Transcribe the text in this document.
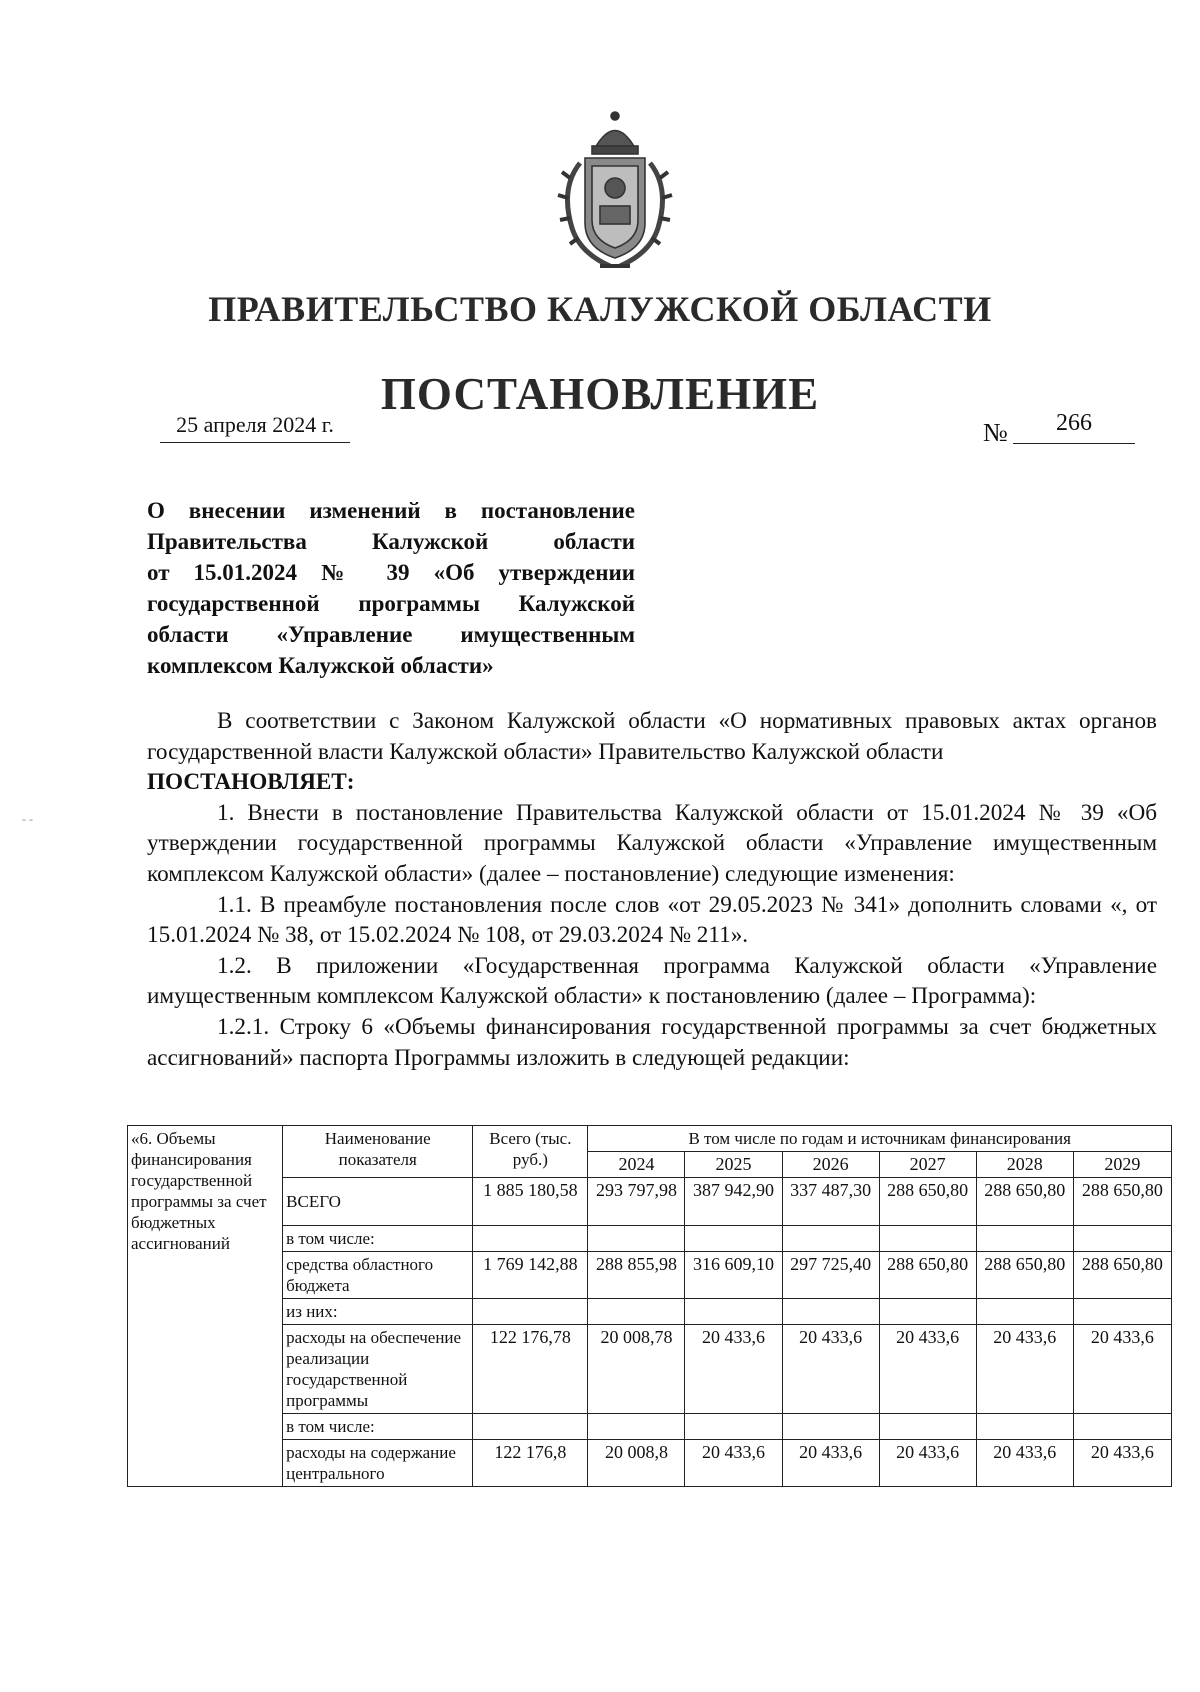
ПРАВИТЕЛЬСТВО КАЛУЖСКОЙ ОБЛАСТИ
ПОСТАНОВЛЕНИЕ
25 апреля 2024 г.	№	266
О внесении изменений в постановление
Правительства Калужской области
от 15.01.2024 № 39 «Об утверждении
государственной программы Калужской
области «Управление имущественным
комплексом Калужской области»

В соответствии с Законом Калужской области «О нормативных правовых актах органов государственной власти Калужской области» Правительство Калужской области

ПОСТАНОВЛЯЕТ:

1. Внести в постановление Правительства Калужской области от 15.01.2024 № 39 «Об утверждении государственной программы Калужской области «Управление имущественным комплексом Калужской области» (далее – постановление) следующие изменения:

1.1. В преамбуле постановления после слов «от 29.05.2023 № 341» дополнить словами «, от 15.01.2024 № 38, от 15.02.2024 № 108, от 29.03.2024 № 211».

1.2. В приложении «Государственная программа Калужской области «Управление имущественным комплексом Калужской области» к постановлению (далее – Программа):

1.2.1. Строку 6 «Объемы финансирования государственной программы за счет бюджетных ассигнований» паспорта Программы изложить в следующей редакции:

- -
«6. Объемы финансирования государственной программы за счет бюджетных ассигнований	Наименование показателя	Всего (тыс. руб.)	В том числе по годам и источникам финансирования					
			2024	2025	2026	2027	2028	2029
	ВСЕГО	1 885 180,58	293 797,98	387 942,90	337 487,30	288 650,80	288 650,80	288 650,80
	в том числе:							
	средства областного бюджета	1 769 142,88	288 855,98	316 609,10	297 725,40	288 650,80	288 650,80	288 650,80
	из них:							
	расходы на обеспечение реализации государственной программы	122 176,78	20 008,78	20 433,6	20 433,6	20 433,6	20 433,6	20 433,6
	в том числе:							
	расходы на содержание центрального	122 176,8	20 008,8	20 433,6	20 433,6	20 433,6	20 433,6	20 433,6
